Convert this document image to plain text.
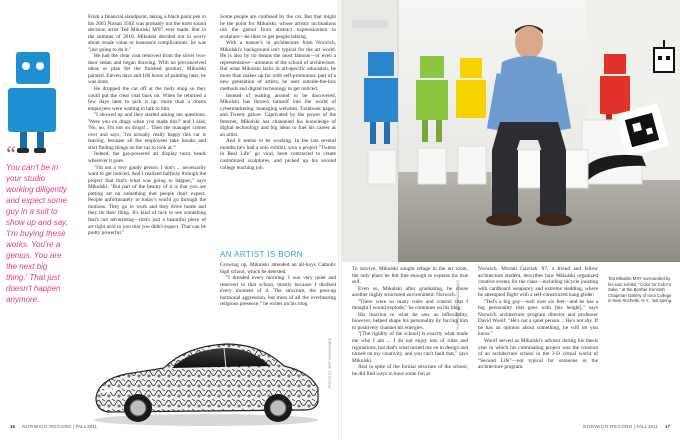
“
You can't be in your studio working diligently and expect some guy in a suit to show up and say, 'I'm buying these works. You're a genius. You are the next big thing.' That just doesn't happen anymore.

From a financial standpoint, taking a black paint pen to his 2003 Nissan 350Z was probably not the most sound decision artist Ted Mikulski M'07 ever made. But in the summer of 2010, Mikulski decided not to worry about resale value or insurance complications: he was "just going to do it."

He had the clear coat removed from the silver two-door sedan and began drawing. With no preconceived ideas or plan for the finished product, Mikulski painted. Eleven days and 160 hours of painting later, he was done.

He dropped the car off at the body shop so they could put the clear coat back on. When he returned a few days later to pick it up, more than a dozen employees were waiting to talk to him.

"I showed up and they started asking me questions: 'Were you on drugs when you made this?' and I said, 'No, no; I'm not on drugs!... Then the manager comes over and says, 'I'm actually really happy this car is leaving, because all the employees take breaks and start finding things on the car to look at.'"

Indeed, the gas-powered art display turns heads wherever it goes.

"I'm not a very gaudy person. I don't ... necessarily want to get noticed. And I realized halfway through the project that that's what was going to happen," says Mikulski. "But part of the beauty of it is that you are putting art on something that people don't expect. People unfortunately in today's world go through the motions. They go to work and they drive home and they do their thing. It's kind of nice to see something that's not advertising—that's just a beautiful piece of art right next to you that you didn't expect. That can be pretty powerful."

Some people are confused by the car. But that might be the point for Mikulski, whose artistic inclinations run the gamut from abstract expressionism to sculpture—he likes to get people talking.

With a master's in architecture from Norwich, Mikulski's background isn't typical for the art world. He is also by no means the most famous—or even a representative—alumnus of the school of architecture. But what Mikulski lacks in art-specific education, he more than makes up for with self-promotion: part of a new generation of artists, he uses outside-the-box methods and digital technology to get noticed.

Instead of waiting around to be discovered, Mikulski has thrown himself into the world of cybermarketing: managing websites, Facebook pages, and Tweets galore. Captivated by the power of the Internet, Mikulski has channeled his knowledge of digital technology and big ideas to fuel his career as an artist.

And it seems to be working. In the last several months he's had a solo exhibit, won a project "Tweets in Real Life" go viral, been contracted to create customized sculptures, and picked up his second college teaching job.

AN ARTIST IS BORN

Growing up, Mikulski attended an all-boys Catholic high school, which he detested.

"I dreaded every morning. I was very quiet and reserved in that school, mostly because I disliked every moment of it. The structure, the pent-up hormonal aggression, but most of all the overbearing religious presence," he writes on his blog.

PHOTO BY JEFF WOODWARD
16 NORWICH RECORD | FALL 2011
PHOTO BY JEFF WOODWARD

To survive, Mikulski sought refuge in the art room, the only place he felt free enough to express his true self.

Even so, Mikulski after graduating, he chose another highly structured environment: Norwich.

"There were so many rules and control that I thought I would explode," he continues on his blog.

His reaction to what he saw as inflexibility, however, helped shape his personality by forcing him to positively channel his energies.

"[The rigidity of the school] is exactly what made me who I am ... I do not enjoy lots of rules and regulations, but that's what turned me on to design and turned on my creativity, and you can't fault that," says Mikulski.

And in spite of the formal structure of the school, he did find ways to have some fun at

Norwich. Moriah Gavriah '07, a friend and fellow architecture student, describes how Mikulski organized creative events for the class—including bicycle jousting with cardboard weaponry and extreme sledding, where he attempted flight with a self-constructed hang glider.

"Ted's a big guy—well over six feet—and he has a big personality that goes with [his height]," says Norwich architecture program director and professor David Woolf. "He's not a quiet person.... He's not shy. If he has an opinion about something, he will let you know."

Woolf served as Mikulski's advisor during his thesis year in which his culminating project was the creation of an architecture school in the 3-D virtual world of "Second Life"—not typical for someone in the architecture program.

Ted Mikulski M'07 surrounded by his solo exhibit, "Color for Color's Sake," at the Brother Kenneth Chapman Gallery of Iona College in New Rochelle, N.Y., last spring.
NORWICH RECORD | FALL 2011 17
